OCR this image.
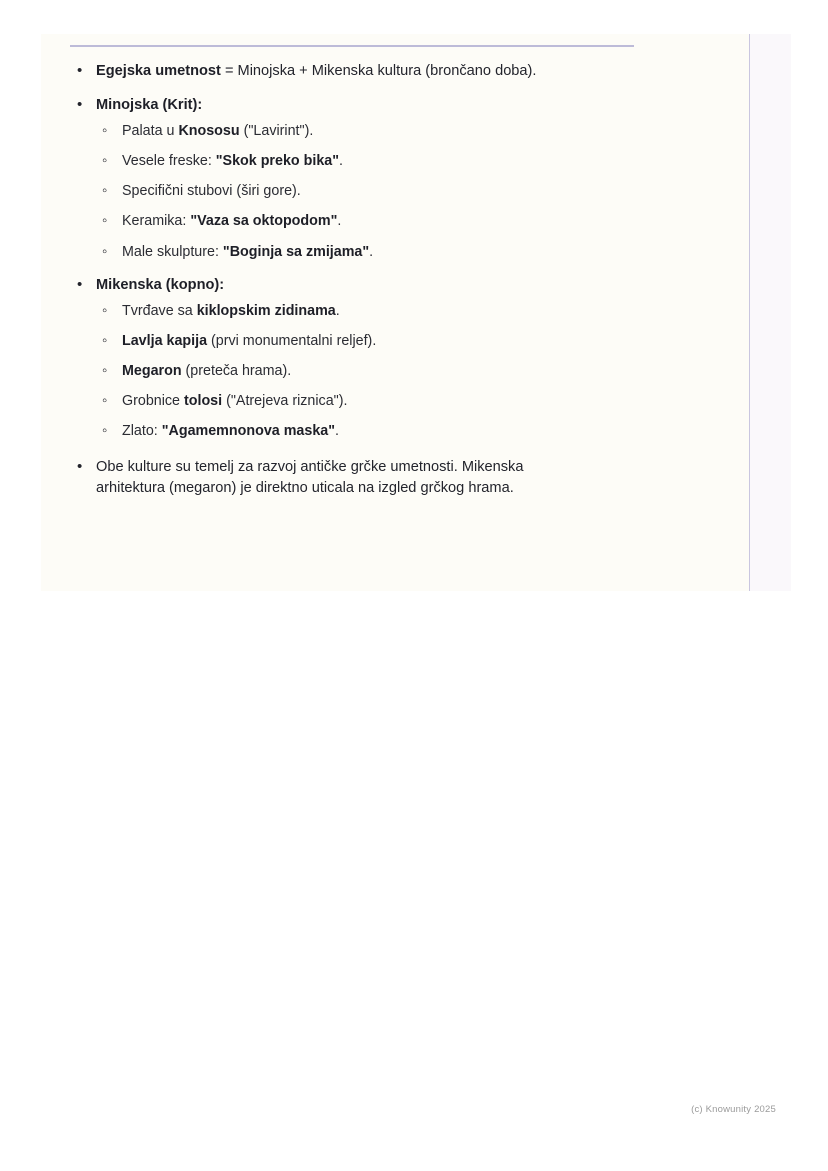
• Egejska umetnost = Minojska + Mikenska kultura (brončano doba).
• Minojska (Krit):
◦ Palata u Knososu ("Lavirint").
◦ Vesele freske: "Skok preko bika".
◦ Specifični stubovi (širi gore).
◦ Keramika: "Vaza sa oktopodom".
◦ Male skulpture: "Boginja sa zmijama".
• Mikenska (kopno):
◦ Tvrđave sa kiklopskim zidinama.
◦ Lavlja kapija (prvi monumentalni reljef).
◦ Megaron (preteča hrama).
◦ Grobnice tolosi ("Atrejeva riznica").
◦ Zlato: "Agamemnonova maska".
• Obe kulture su temelj za razvoj antičke grčke umetnosti. Mikenska arhitektura (megaron) je direktno uticala na izgled grčkog hrama.
(c) Knowunity 2025
